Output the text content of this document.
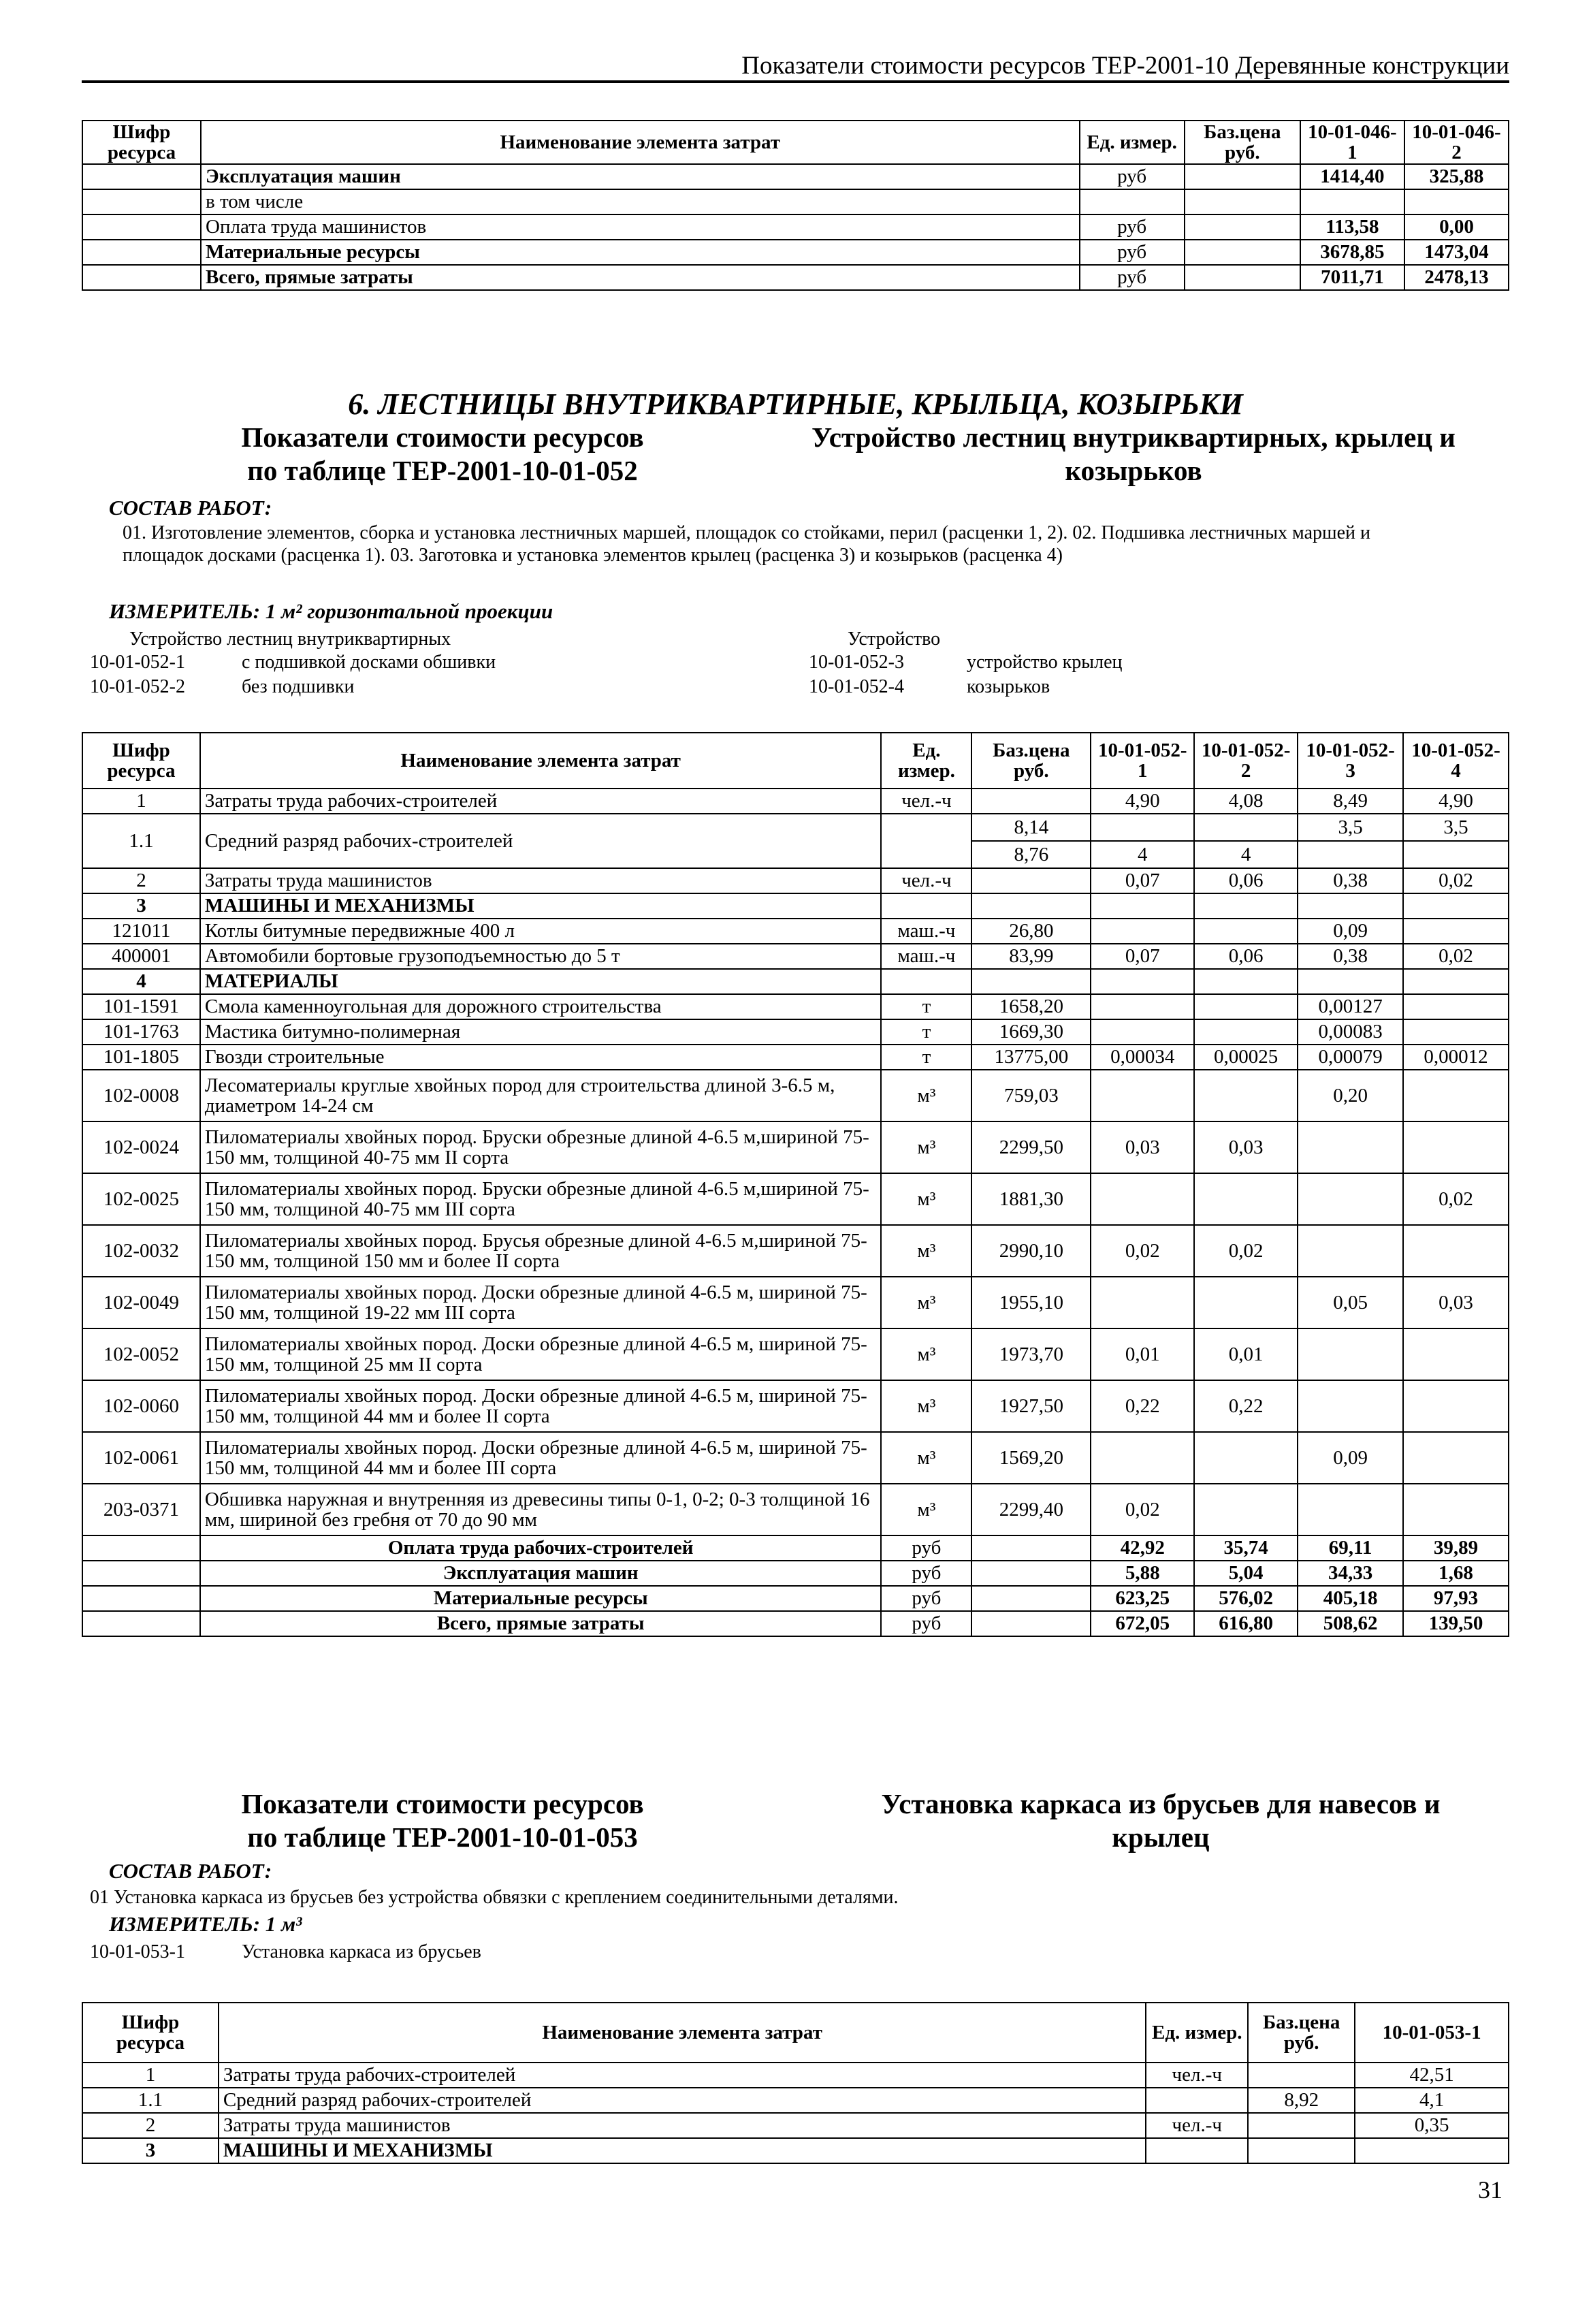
Показатели стоимости ресурсов ТЕР-2001-10 Деревянные конструкции
Шифр ресурса	Наименование элемента затрат	Ед. измер.	Баз.цена руб.	10-01-046-1	10-01-046-2
	Эксплуатация машин	руб		1414,40	325,88
	в том числе				
	Оплата труда машинистов	руб		113,58	0,00
	Материальные ресурсы	руб		3678,85	1473,04
	Всего, прямые затраты	руб		7011,71	2478,13
6. ЛЕСТНИЦЫ ВНУТРИКВАРТИРНЫЕ, КРЫЛЬЦА, КОЗЫРЬКИ
Показатели стоимости ресурсов
по таблице ТЕР-2001-10-01-052
Устройство лестниц внутриквартирных, крылец и
козырьков
СОСТАВ РАБОТ:
01. Изготовление элементов, сборка и установка лестничных маршей, площадок со стойками, перил (расценки 1, 2). 02. Подшивка лестничных маршей и площадок досками (расценка 1). 03. Заготовка и установка элементов крылец (расценка 3) и козырьков (расценка 4)
ИЗМЕРИТЕЛЬ: 1 м² горизонтальной проекции
Устройство лестниц внутриквартирных	Устройство
10-01-052-1	с подшивкой досками обшивки
10-01-052-2	без подшивки
10-01-052-3	устройство крылец
10-01-052-4	козырьков
Шифр ресурса	Наименование элемента затрат	Ед. измер.	Баз.цена руб.	10-01-052-1	10-01-052-2	10-01-052-3	10-01-052-4
1	Затраты труда рабочих-строителей	чел.-ч		4,90	4,08	8,49	4,90
1.1	Средний разряд рабочих-строителей		8,14			3,5	3,5
			8,76	4	4		
2	Затраты труда машинистов	чел.-ч		0,07	0,06	0,38	0,02
3	МАШИНЫ И МЕХАНИЗМЫ						
121011	Котлы битумные передвижные 400 л	маш.-ч	26,80			0,09	
400001	Автомобили бортовые грузоподъемностью до 5 т	маш.-ч	83,99	0,07	0,06	0,38	0,02
4	МАТЕРИАЛЫ						
101-1591	Смола каменноугольная для дорожного строительства	т	1658,20			0,00127	
101-1763	Мастика битумно-полимерная	т	1669,30			0,00083	
101-1805	Гвозди строительные	т	13775,00	0,00034	0,00025	0,00079	0,00012
102-0008	Лесоматериалы круглые хвойных пород для строительства длиной 3-6.5 м, диаметром 14-24 см	м³	759,03			0,20	
102-0024	Пиломатериалы хвойных пород. Бруски обрезные длиной 4-6.5 м,шириной 75-150 мм, толщиной 40-75 мм II сорта	м³	2299,50	0,03	0,03		
102-0025	Пиломатериалы хвойных пород. Бруски обрезные длиной 4-6.5 м,шириной 75-150 мм, толщиной 40-75 мм III сорта	м³	1881,30				0,02
102-0032	Пиломатериалы хвойных пород. Брусья обрезные длиной 4-6.5 м,шириной 75-150 мм, толщиной 150 мм и более II сорта	м³	2990,10	0,02	0,02		
102-0049	Пиломатериалы хвойных пород. Доски обрезные длиной 4-6.5 м, шириной 75-150 мм, толщиной 19-22 мм III сорта	м³	1955,10			0,05	0,03
102-0052	Пиломатериалы хвойных пород. Доски обрезные длиной 4-6.5 м, шириной 75-150 мм, толщиной 25 мм II сорта	м³	1973,70	0,01	0,01		
102-0060	Пиломатериалы хвойных пород. Доски обрезные длиной 4-6.5 м, шириной 75-150 мм, толщиной 44 мм и более II сорта	м³	1927,50	0,22	0,22		
102-0061	Пиломатериалы хвойных пород. Доски обрезные длиной 4-6.5 м, шириной 75-150 мм, толщиной 44 мм и более III сорта	м³	1569,20			0,09	
203-0371	Обшивка наружная и внутренняя из древесины типы 0-1, 0-2; 0-3 толщиной 16 мм, шириной без гребня от 70 до 90 мм	м³	2299,40	0,02			
	Оплата труда рабочих-строителей	руб		42,92	35,74	69,11	39,89
	Эксплуатация машин	руб		5,88	5,04	34,33	1,68
	Материальные ресурсы	руб		623,25	576,02	405,18	97,93
	Всего, прямые затраты	руб		672,05	616,80	508,62	139,50
Показатели стоимости ресурсов
по таблице ТЕР-2001-10-01-053
Установка каркаса из брусьев для навесов и
крылец
СОСТАВ РАБОТ:
01 Установка каркаса из брусьев без устройства обвязки с креплением соединительными деталями.
ИЗМЕРИТЕЛЬ: 1 м³
10-01-053-1	Установка каркаса из брусьев
Шифр ресурса	Наименование элемента затрат	Ед. измер.	Баз.цена руб.	10-01-053-1
1	Затраты труда рабочих-строителей	чел.-ч		42,51
1.1	Средний разряд рабочих-строителей		8,92	4,1
2	Затраты труда машинистов	чел.-ч		0,35
3	МАШИНЫ И МЕХАНИЗМЫ			
31
